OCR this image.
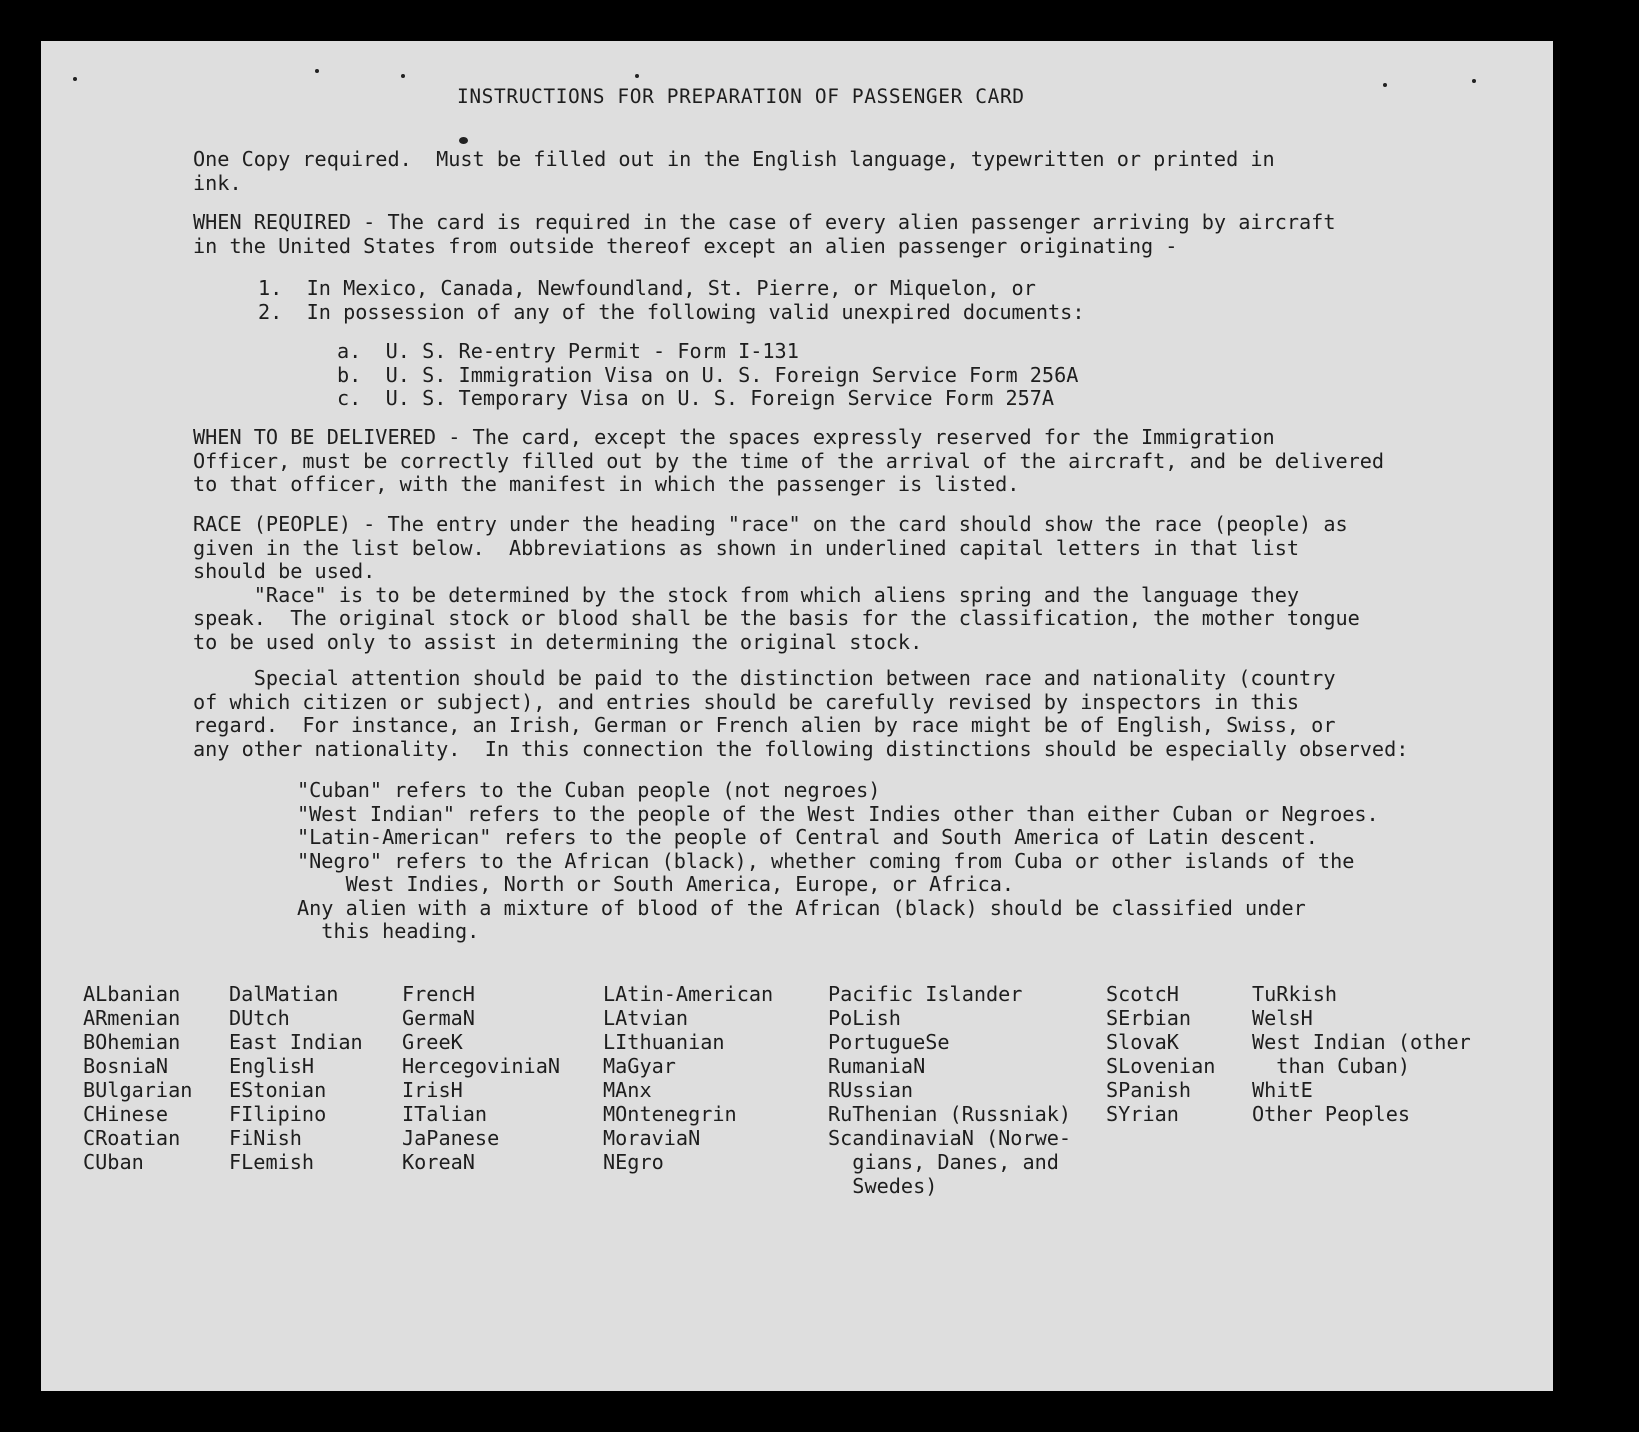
INSTRUCTIONS FOR PREPARATION OF PASSENGER CARD
One Copy required.  Must be filled out in the English language, typewritten or printed in
ink.
WHEN REQUIRED - The card is required in the case of every alien passenger arriving by aircraft
in the United States from outside thereof except an alien passenger originating -
1. In Mexico, Canada, Newfoundland, St. Pierre, or Miquelon, or
2. In possession of any of the following valid unexpired documents:
a. U. S. Re-entry Permit - Form I-131
b. U. S. Immigration Visa on U. S. Foreign Service Form 256A
c. U. S. Temporary Visa on U. S. Foreign Service Form 257A
WHEN TO BE DELIVERED - The card, except the spaces expressly reserved for the Immigration
Officer, must be correctly filled out by the time of the arrival of the aircraft, and be delivered
to that officer, with the manifest in which the passenger is listed.
RACE (PEOPLE) - The entry under the heading "race" on the card should show the race (people) as
given in the list below.  Abbreviations as shown in underlined capital letters in that list
should be used.
"Race" is to be determined by the stock from which aliens spring and the language they
speak.  The original stock or blood shall be the basis for the classification, the mother tongue
to be used only to assist in determining the original stock.
Special attention should be paid to the distinction between race and nationality (country
of which citizen or subject), and entries should be carefully revised by inspectors in this
regard.  For instance, an Irish, German or French alien by race might be of English, Swiss, or
any other nationality.  In this connection the following distinctions should be especially observed:
"Cuban" refers to the Cuban people (not negroes)
"West Indian" refers to the people of the West Indies other than either Cuban or Negroes.
"Latin-American" refers to the people of Central and South America of Latin descent.
"Negro" refers to the African (black), whether coming from Cuba or other islands of the
West Indies, North or South America, Europe, or Africa.
Any alien with a mixture of blood of the African (black) should be classified under
this heading.
ALbanian
ARmenian
BOhemian
BosniaN
BUlgarian
CHinese
CRoatian
CUban
DalMatian
DUtch
East Indian
EnglisH
EStonian
FIlipino
FiNish
FLemish
FrencH
GermaN
GreeK
HercegoviniaN
IrisH
ITalian
JaPanese
KoreaN
LAtin-American
LAtvian
LIthuanian
MaGyar
MAnx
MOntenegrin
MoraviaN
NEgro
Pacific Islander
PoLish
PortugueSe
RumaniaN
RUssian
RuThenian (Russniak)
ScandinaviaN (Norwe-
gians, Danes, and
Swedes)
ScotcH
SErbian
SlovaK
SLovenian
SPanish
SYrian
TuRkish
WelsH
West Indian (other
than Cuban)
WhitE
Other Peoples
